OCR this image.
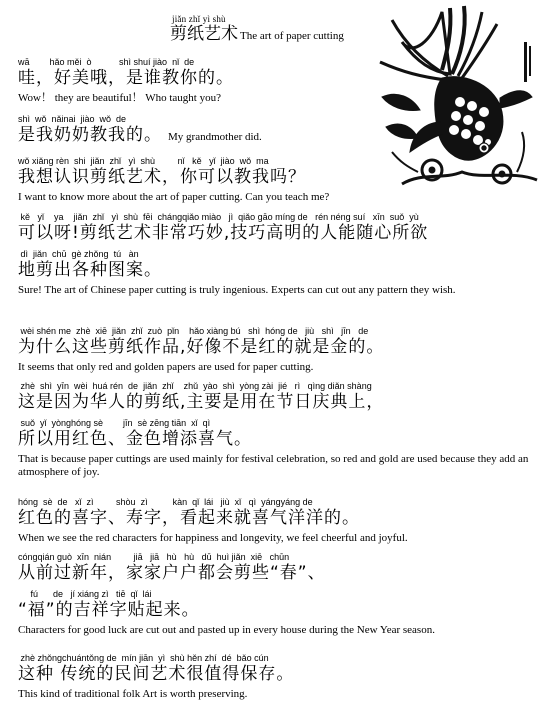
jiǎn zhǐ yì shù
剪纸艺术 The art of paper cutting
wā        hǎo měi  ò           shì shuí jiào  nǐ  de
哇，好美哦，是谁教你的。
Wow！ they are beautiful！ Who taught you?
shì  wǒ  nǎinai  jiào  wǒ  de
是我奶奶教我的。 My grandmother did.
wǒ xiǎng rèn  shi  jiǎn  zhǐ   yì  shù         nǐ   kě   yǐ  jiào  wǒ  ma
我想认识剪纸艺术，你可以教我吗？
I want to know more about the art of paper cutting. Can you teach me?
kě   yǐ    ya    jiǎn  zhǐ   yì  shù  fēi  chángqiǎo miào   jì  qiǎo gāo míng de   rén néng suí   xīn  suǒ  yù
可以呀!剪纸艺术非常巧妙,技巧高明的人能随心所欲
dì  jiǎn  chū  gè zhǒng  tú   àn
地剪出各种图案。
Sure! The art of Chinese paper cutting is truly ingenious. Experts can cut out any pattern they wish.
wèi shén me  zhè  xiē  jiǎn  zhǐ  zuò  pǐn    hǎo xiàng bú   shì  hóng de   jiù   shì   jīn   de
为什么这些剪纸作品,好像不是红的就是金的。
It seems that only red and golden papers are used for paper cutting.
zhè  shì  yīn  wèi  huá rén  de  jiǎn  zhǐ    zhǔ  yào  shì  yòng zài  jié   rì   qìng diǎn shàng
这是因为华人的剪纸,主要是用在节日庆典上，
suǒ  yǐ  yònghóng sè        jīn  sè zēng tiān  xǐ  qì
所以用红色、金色增添喜气。
That is because paper cuttings are used mainly for festival celebration, so red and gold are used because they add an atmosphere of joy.
hóng  sè  de   xǐ  zì         shòu  zì          kàn  qǐ  lái   jiù  xǐ   qì  yángyáng de
红色的喜字、寿字，看起来就喜气洋洋的。
When we see the red characters for happiness and longevity, we feel cheerful and joyful.
cóngqián guò  xīn  nián         jiā   jiā   hù   hù   dū  huì jiǎn  xiē   chūn
从前过新年，家家户户都会剪些“春”、
fú      de   jí xiáng zì   tiē  qǐ  lái
“福”的吉祥字贴起来。
Characters for good luck are cut out and pasted up in every house during the New Year season.
zhè zhǒngchuántǒng de  mín jiān  yì  shù hěn zhí  dé  bǎo cún
这种 传统的民间艺术很值得保存。
This kind of traditional folk Art is worth preserving.
